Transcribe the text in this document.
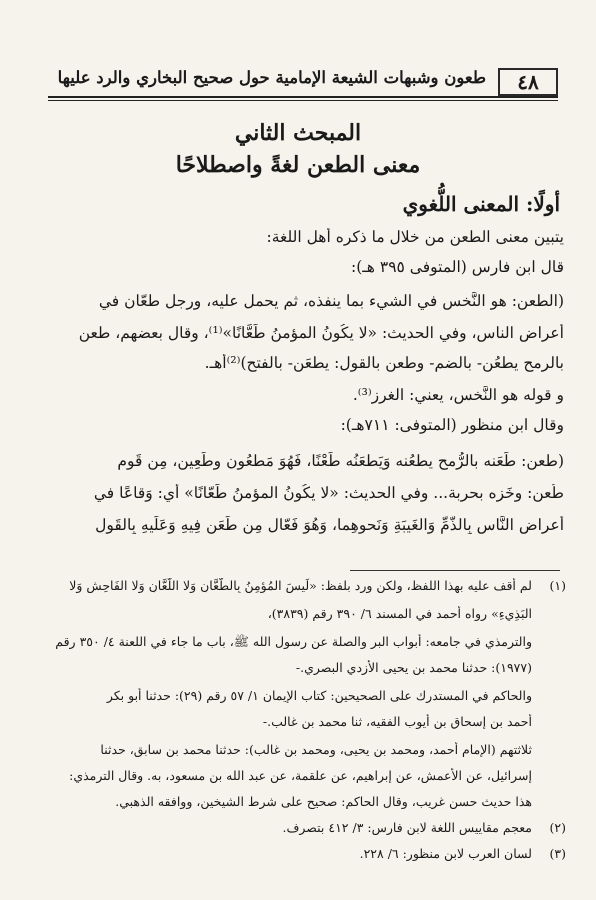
٤٨
طعون وشبهات الشيعة الإمامية حول صحيح البخاري والرد عليها
المبحث الثاني
معنى الطعن لغةً واصطلاحًا
أولًا: المعنى اللُّغوي
يتبين معنى الطعن من خلال ما ذكره أهل اللغة:
قال ابن فارس (المتوفى ٣٩٥ هـ):
(الطعن: هو النَّخس في الشيء بما ينفذه، ثم يحمل عليه، ورجل طعّان في
أعراض الناس، وفي الحديث: «لا يكُونُ المؤمنُ طَعَّانًا»⁽¹⁾، وقال بعضهم، طعن
بالرمح يطعُن- بالضم- وطعن بالقول: يطعَن- بالفتح)⁽²⁾أهـ.
و قوله هو النَّخس، يعني: الغرز⁽³⁾.
وقال ابن منظور (المتوفى: ٧١١هـ):
(طعن: طَعَنه بالرُّمحِ يطعُنه وَيَطعَنُه طَعْنًا، فَهُوَ مَطعُون وطَعِين، مِن قَومٍ
طُعنٍ: وخَزه بحربة... وفي الحديث: «لا يكُونُ المؤمنُ طَعّانًا» أي: وَقاعًا في
أَعراض النَّاسِ بِالذَّمِّ وَالغَيبَةِ وَنَحوِهِما، وَهُوَ فَعّال مِن طَعَن فِيهِ وَعَلَيهِ بِالقَولِ
لم أقف عليه بهذا اللفظ، ولكن ورد بلفظ: «لَيسَ المُؤمِنُ بِالطَّعَّانِ وَلا اللَّعَّانِ وَلا الفَاحِشِ وَلا
البَذِيءِ» رواه أحمد في المسند ٦/ ٣٩٠ رقم (٣٨٣٩)،
والترمذي في جامعه: أبواب البر والصلة عن رسول الله ﷺ، باب ما جاء في اللعنة ٤/ ٣٥٠ رقم
(١٩٧٧): حدثنا محمد بن يحيى الأزدي البصري.-
والحاكم في المستدرك على الصحيحين: كتاب الإيمان ١/ ٥٧ رقم (٢٩): حدثنا أبو بكر
أحمد بن إسحاق بن أيوب الفقيه، ثنا محمد بن غالب.-
ثلاثتهم (الإمام أحمد، ومحمد بن يحيى، ومحمد بن غالب): حدثنا محمد بن سابق، حدثنا
إسرائيل، عن الأعمش، عن إبراهيم، عن علقمة، عن عبد الله بن مسعود، به. وقال الترمذي:
هذا حديث حسن غريب، وقال الحاكم: صحيح على شرط الشيخين، ووافقه الذهبي.
معجم مقاييس اللغة لابن فارس: ٣/ ٤١٢ بتصرف.
لسان العرب لابن منظور: ٦/ ٢٢٨.
(١)
(٢)
(٣)
